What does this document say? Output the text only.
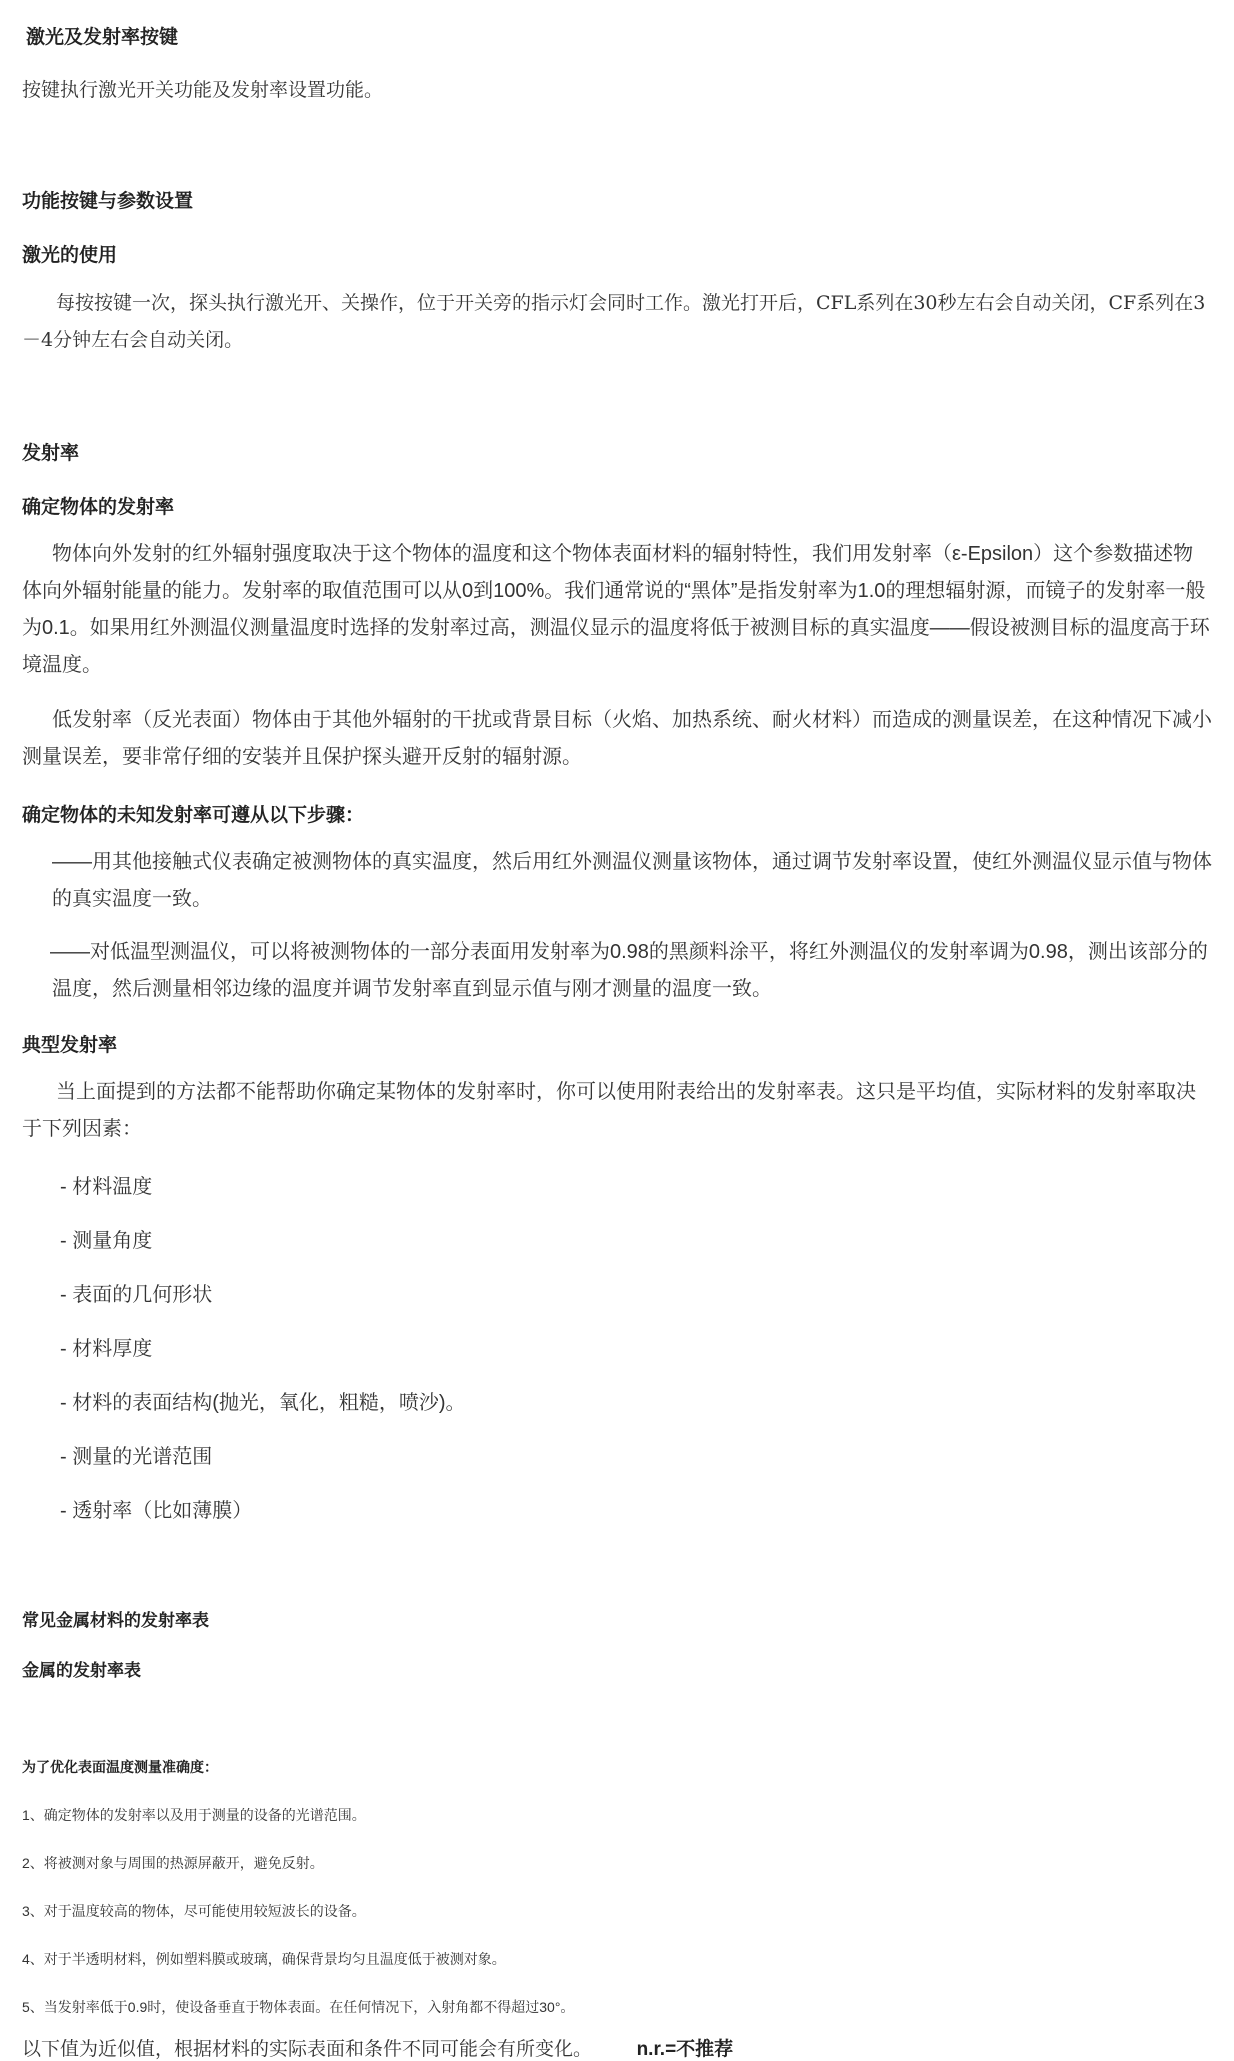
激光及发射率按键
按键执行激光开关功能及发射率设置功能。
功能按键与参数设置
激光的使用
每按按键一次，探头执行激光开、关操作，位于开关旁的指示灯会同时工作。激光打开后，CFL系列在30秒左右会自动关闭，CF系列在3－4分钟左右会自动关闭。
发射率
确定物体的发射率
物体向外发射的红外辐射强度取决于这个物体的温度和这个物体表面材料的辐射特性，我们用发射率（ε-Epsilon）这个参数描述物体向外辐射能量的能力。发射率的取值范围可以从0到100%。我们通常说的“黑体”是指发射率为1.0的理想辐射源，而镜子的发射率一般为0.1。如果用红外测温仪测量温度时选择的发射率过高，测温仪显示的温度将低于被测目标的真实温度——假设被测目标的温度高于环境温度。
低发射率（反光表面）物体由于其他外辐射的干扰或背景目标（火焰、加热系统、耐火材料）而造成的测量误差，在这种情况下减小测量误差，要非常仔细的安装并且保护探头避开反射的辐射源。
确定物体的未知发射率可遵从以下步骤：
——用其他接触式仪表确定被测物体的真实温度，然后用红外测温仪测量该物体，通过调节发射率设置，使红外测温仪显示值与物体的真实温度一致。
——对低温型测温仪，可以将被测物体的一部分表面用发射率为0.98的黑颜料涂平，将红外测温仪的发射率调为0.98，测出该部分的温度，然后测量相邻边缘的温度并调节发射率直到显示值与刚才测量的温度一致。
典型发射率
当上面提到的方法都不能帮助你确定某物体的发射率时，你可以使用附表给出的发射率表。这只是平均值，实际材料的发射率取决于下列因素：
- 材料温度
- 测量角度
- 表面的几何形状
- 材料厚度
- 材料的表面结构(抛光，氧化，粗糙，喷沙)。
- 测量的光谱范围
- 透射率（比如薄膜）
常见金属材料的发射率表
金属的发射率表
为了优化表面温度测量准确度：
1、确定物体的发射率以及用于测量的设备的光谱范围。
2、将被测对象与周围的热源屏蔽开，避免反射。
3、对于温度较高的物体，尽可能使用较短波长的设备。
4、对于半透明材料，例如塑料膜或玻璃，确保背景均匀且温度低于被测对象。
5、当发射率低于0.9时，使设备垂直于物体表面。在任何情况下，入射角都不得超过30°。
以下值为近似值，根据材料的实际表面和条件不同可能会有所变化。 n.r.=不推荐
